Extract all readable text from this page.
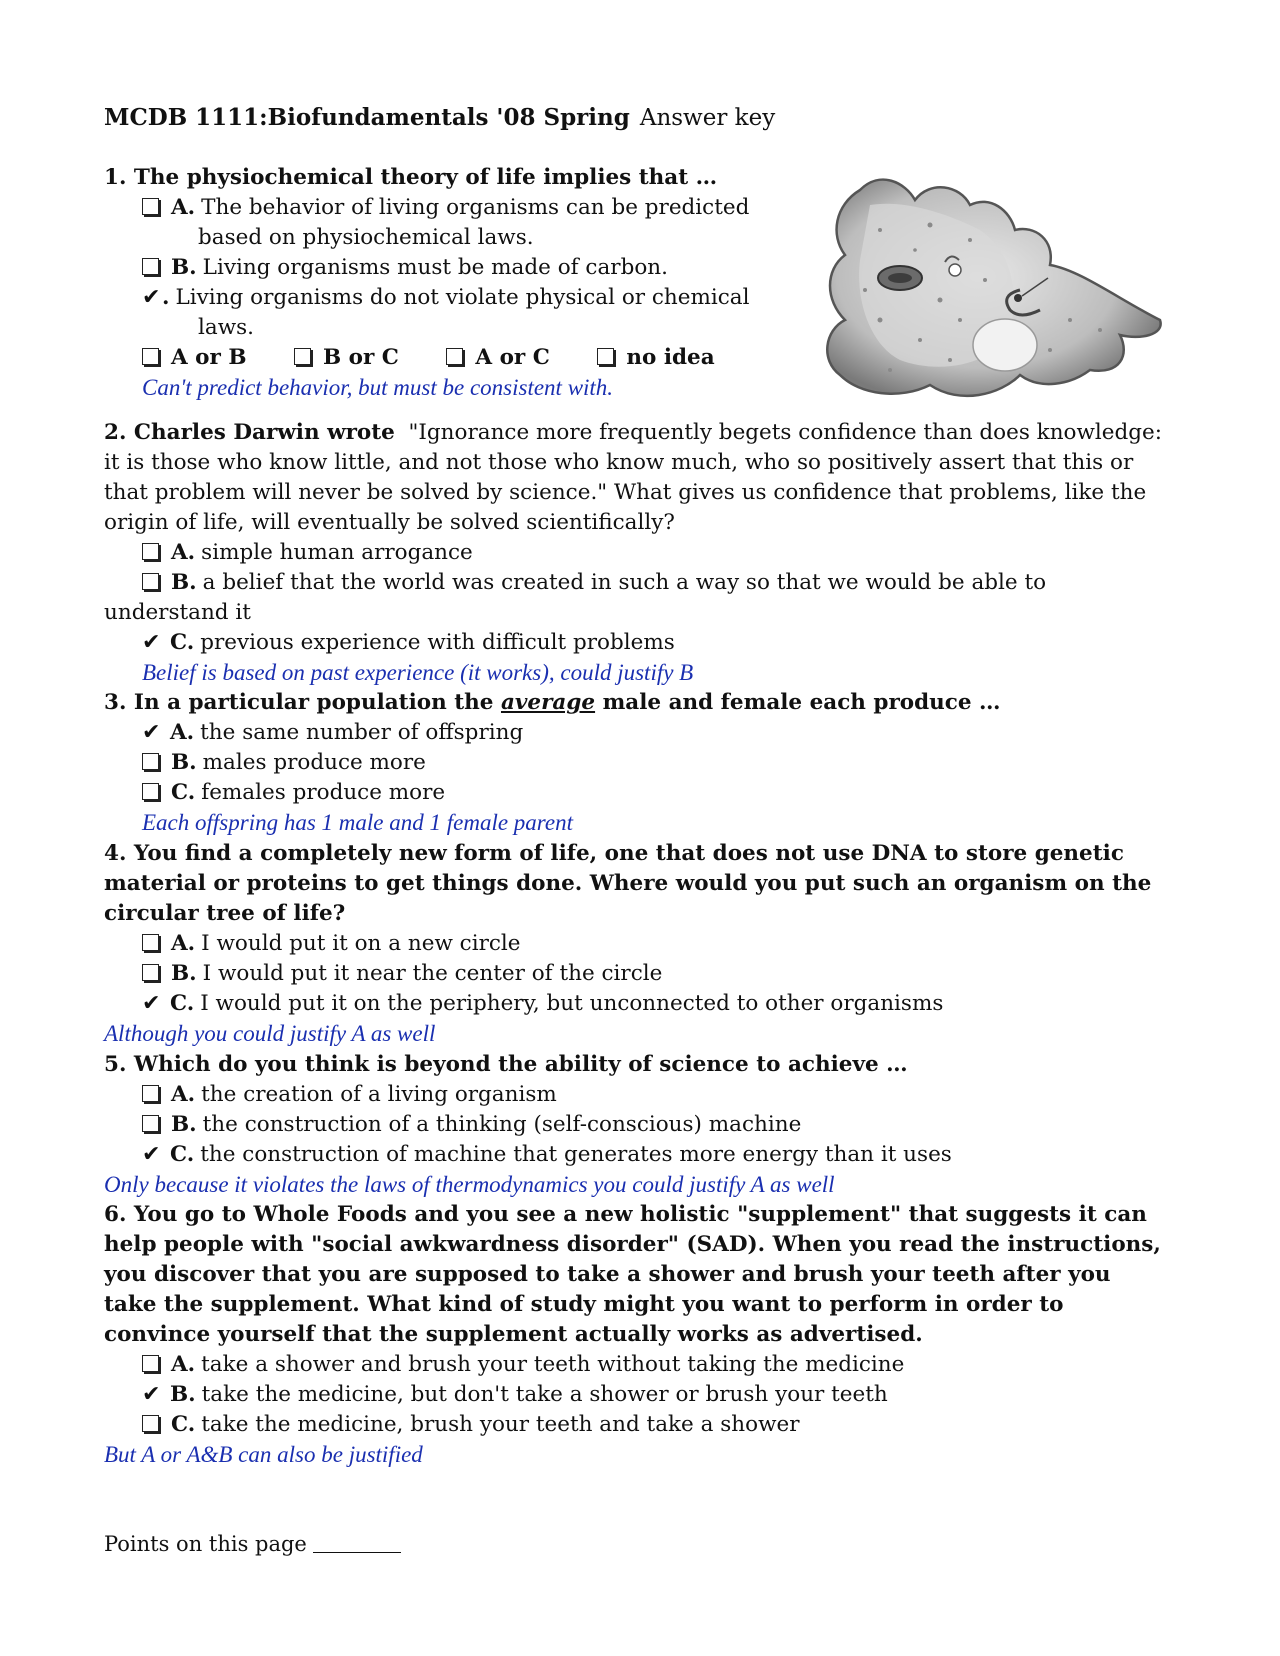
MCDB 1111:Biofundamentals '08 Spring Answer key
1. The physiochemical theory of life implies that …
A. The behavior of living organisms can be predicted
based on physiochemical laws.
B. Living organisms must be made of carbon.
✔. Living organisms do not violate physical or chemical
laws.
A or B	B or C	A or C	no idea
Can't predict behavior, but must be consistent with.
2. Charles Darwin wrote "Ignorance more frequently begets confidence than does knowledge: it is those who know little, and not those who know much, who so positively assert that this or that problem will never be solved by science." What gives us confidence that problems, like the origin of life, will eventually be solved scientifically?
A. simple human arrogance
B. a belief that the world was created in such a way so that we would be able to
understand it
✔ C. previous experience with difficult problems
Belief is based on past experience (it works), could justify B
3. In a particular population the average male and female each produce …
✔ A. the same number of offspring
B. males produce more
C. females produce more
Each offspring has 1 male and 1 female parent
4. You find a completely new form of life, one that does not use DNA to store genetic material or proteins to get things done. Where would you put such an organism on the circular tree of life?
A. I would put it on a new circle
B. I would put it near the center of the circle
✔ C. I would put it on the periphery, but unconnected to other organisms
Although you could justify A as well
5. Which do you think is beyond the ability of science to achieve …
A. the creation of a living organism
B. the construction of a thinking (self-conscious) machine
✔ C. the construction of machine that generates more energy than it uses
Only because it violates the laws of thermodynamics you could justify A as well
6. You go to Whole Foods and you see a new holistic "supplement" that suggests it can help people with "social awkwardness disorder" (SAD). When you read the instructions, you discover that you are supposed to take a shower and brush your teeth after you take the supplement. What kind of study might you want to perform in order to convince yourself that the supplement actually works as advertised.
A. take a shower and brush your teeth without taking the medicine
✔ B. take the medicine, but don't take a shower or brush your teeth
C. take the medicine, brush your teeth and take a shower
But A or A&B can also be justified
Points on this page
